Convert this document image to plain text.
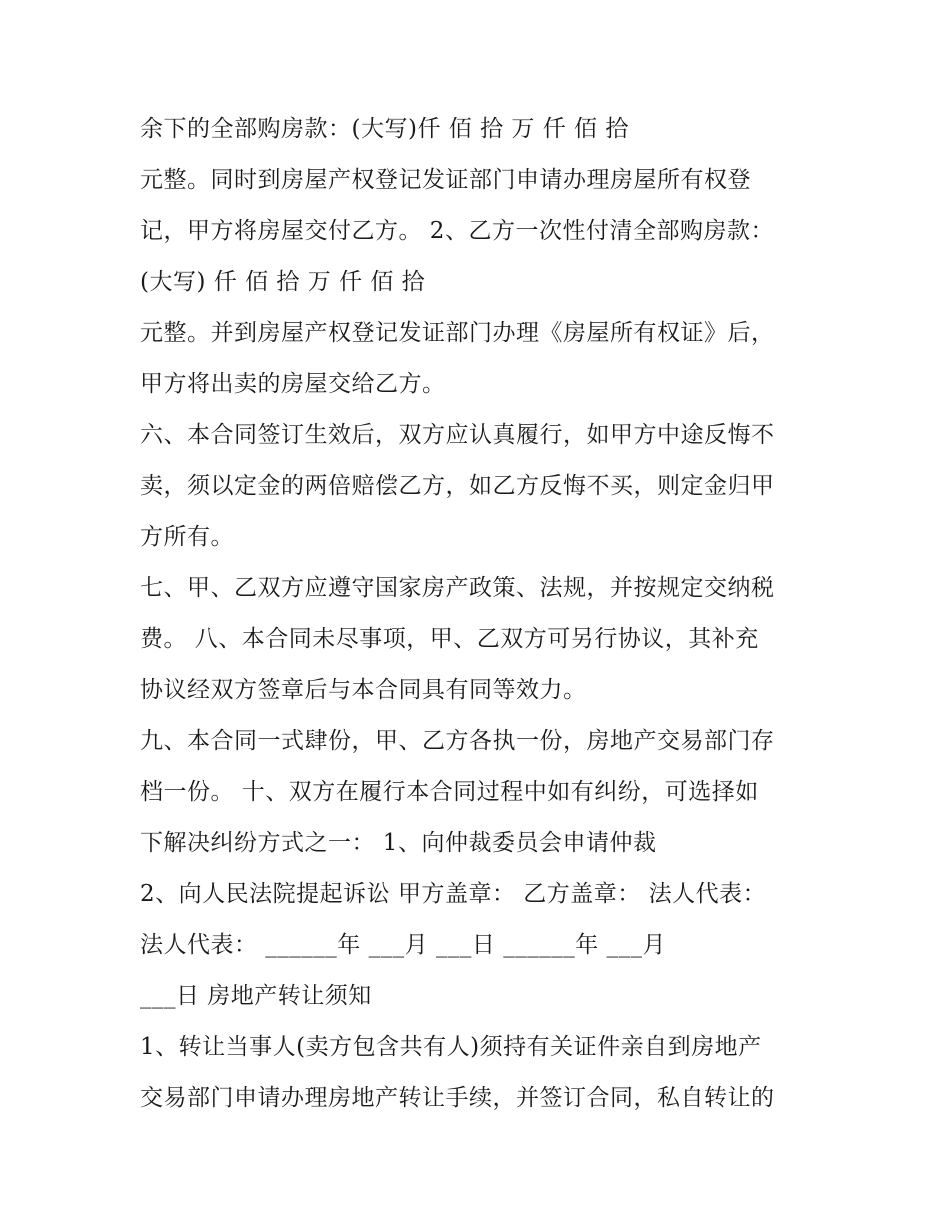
余下的全部购房款：(大写)仟 佰 拾 万 仟 佰 拾
元整。同时到房屋产权登记发证部门申请办理房屋所有权登
记，甲方将房屋交付乙方。 2、乙方一次性付清全部购房款：
(大写) 仟 佰 拾 万 仟 佰 拾
元整。并到房屋产权登记发证部门办理《房屋所有权证》后，
甲方将出卖的房屋交给乙方。
六、本合同签订生效后，双方应认真履行，如甲方中途反悔不
卖，须以定金的两倍赔偿乙方，如乙方反悔不买，则定金归甲
方所有。
七、甲、乙双方应遵守国家房产政策、法规，并按规定交纳税
费。 八、本合同未尽事项，甲、乙双方可另行协议，其补充
协议经双方签章后与本合同具有同等效力。
九、本合同一式肆份，甲、乙方各执一份，房地产交易部门存
档一份。 十、双方在履行本合同过程中如有纠纷，可选择如
下解决纠纷方式之一： 1、向仲裁委员会申请仲裁
2、向人民法院提起诉讼 甲方盖章： 乙方盖章： 法人代表：
法人代表： ______年 ___月 ___日 ______年 ___月
___日 房地产转让须知
1、转让当事人(卖方包含共有人)须持有关证件亲自到房地产
交易部门申请办理房地产转让手续，并签订合同，私自转让的
